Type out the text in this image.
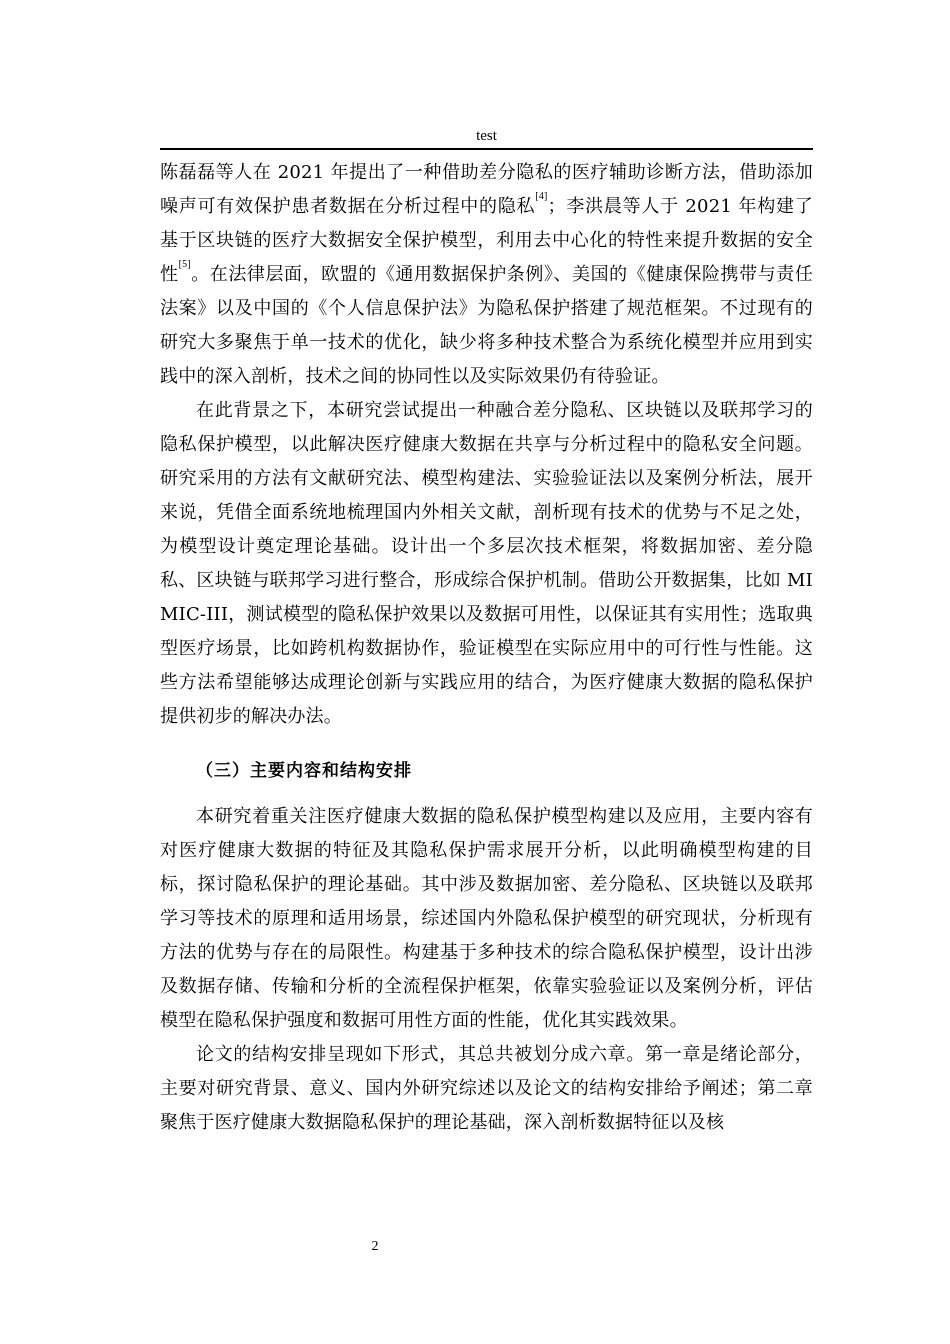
test

陈磊磊等人在 2021 年提出了一种借助差分隐私的医疗辅助诊断方法，借助添加噪声可有效保护患者数据在分析过程中的隐私[4]；李洪晨等人于 2021 年构建了基于区块链的医疗大数据安全保护模型，利用去中心化的特性来提升数据的安全性[5]。在法律层面，欧盟的《通用数据保护条例》、美国的《健康保险携带与责任法案》以及中国的《个人信息保护法》为隐私保护搭建了规范框架。不过现有的研究大多聚焦于单一技术的优化，缺少将多种技术整合为系统化模型并应用到实践中的深入剖析，技术之间的协同性以及实际效果仍有待验证。

在此背景之下，本研究尝试提出一种融合差分隐私、区块链以及联邦学习的隐私保护模型，以此解决医疗健康大数据在共享与分析过程中的隐私安全问题。研究采用的方法有文献研究法、模型构建法、实验验证法以及案例分析法，展开来说，凭借全面系统地梳理国内外相关文献，剖析现有技术的优势与不足之处，为模型设计奠定理论基础。设计出一个多层次技术框架，将数据加密、差分隐私、区块链与联邦学习进行整合，形成综合保护机制。借助公开数据集，比如 MIMIC-III，测试模型的隐私保护效果以及数据可用性，以保证其有实用性；选取典型医疗场景，比如跨机构数据协作，验证模型在实际应用中的可行性与性能。这些方法希望能够达成理论创新与实践应用的结合，为医疗健康大数据的隐私保护提供初步的解决办法。

（三）主要内容和结构安排

本研究着重关注医疗健康大数据的隐私保护模型构建以及应用，主要内容有对医疗健康大数据的特征及其隐私保护需求展开分析，以此明确模型构建的目标，探讨隐私保护的理论基础。其中涉及数据加密、差分隐私、区块链以及联邦学习等技术的原理和适用场景，综述国内外隐私保护模型的研究现状，分析现有方法的优势与存在的局限性。构建基于多种技术的综合隐私保护模型，设计出涉及数据存储、传输和分析的全流程保护框架，依靠实验验证以及案例分析，评估模型在隐私保护强度和数据可用性方面的性能，优化其实践效果。

论文的结构安排呈现如下形式，其总共被划分成六章。第一章是绪论部分，主要对研究背景、意义、国内外研究综述以及论文的结构安排给予阐述；第二章聚焦于医疗健康大数据隐私保护的理论基础，深入剖析数据特征以及核

2
